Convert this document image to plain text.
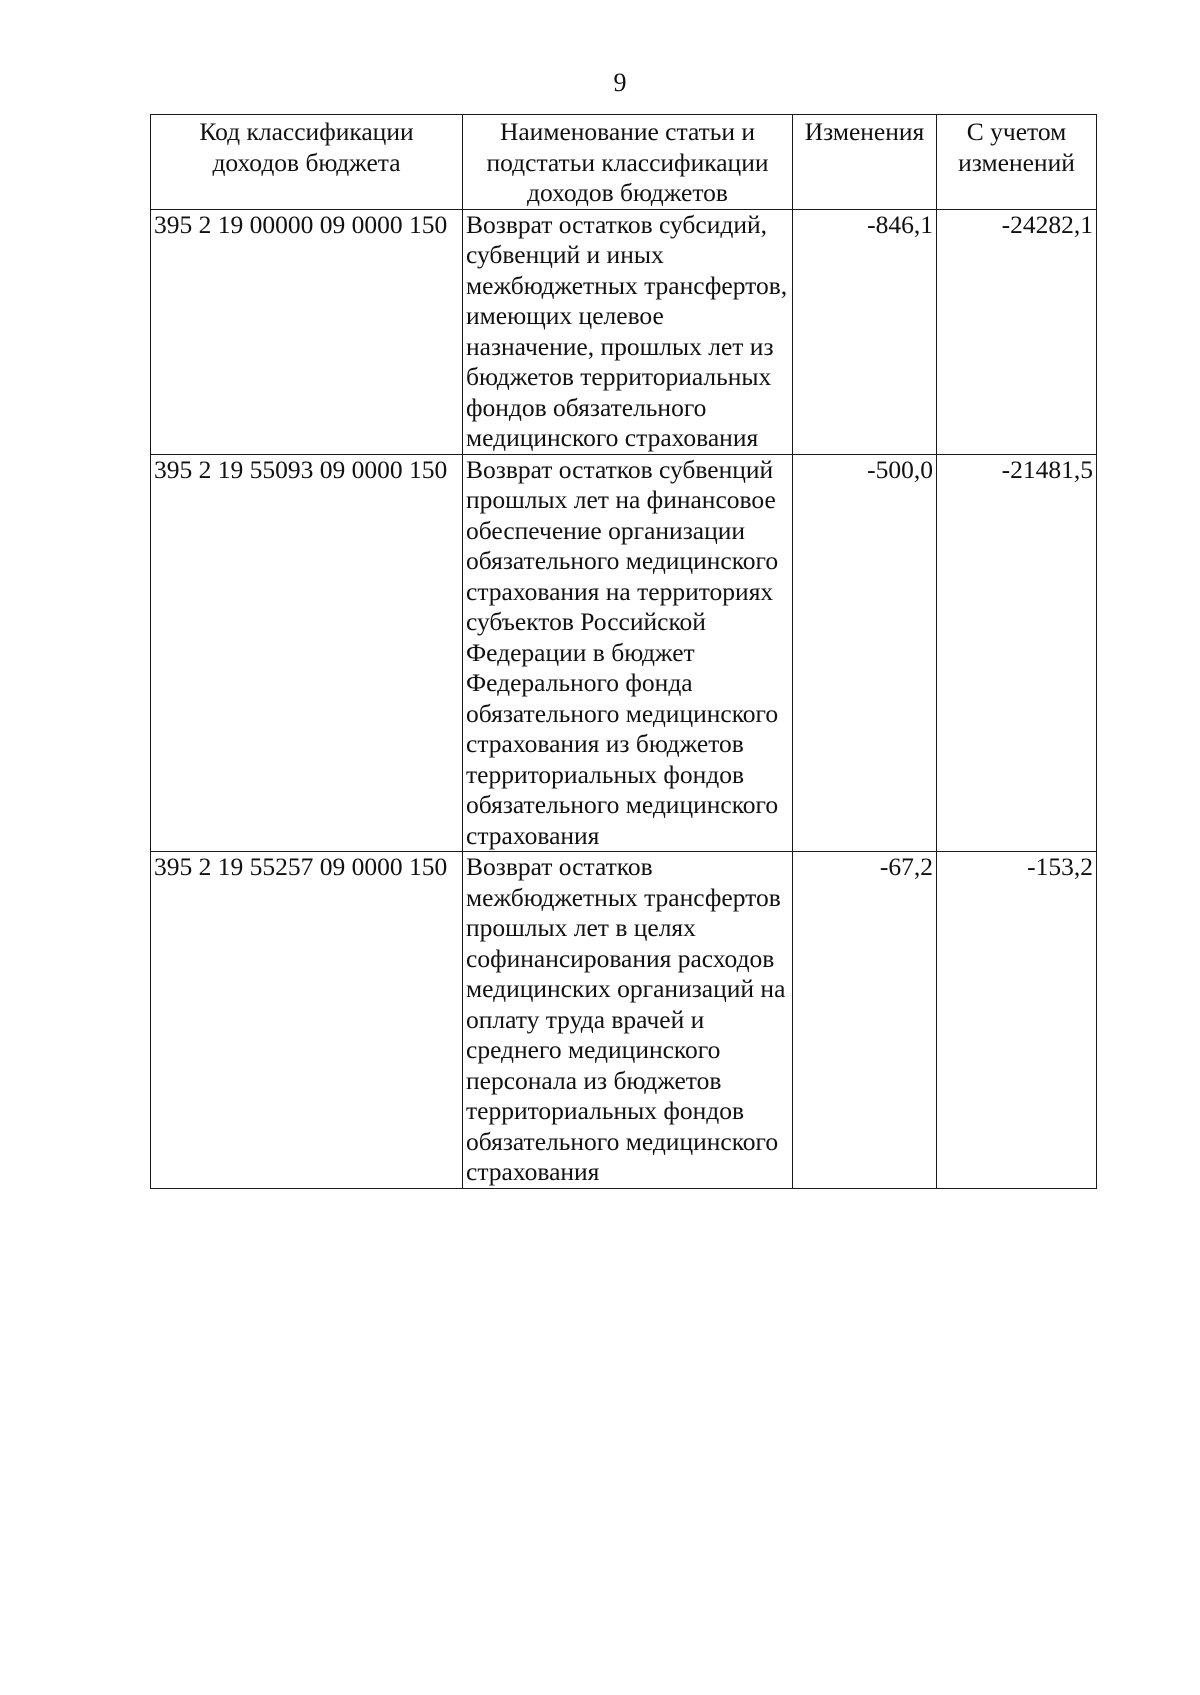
9
Код классификации доходов бюджета	Наименование статьи и подстатьи классификации доходов бюджетов	Изменения	С учетом изменений
395 2 19 00000 09 0000 150	Возврат остатков субсидий, субвенций и иных межбюджетных трансфертов, имеющих целевое назначение, прошлых лет из бюджетов территориальных фондов обязательного медицинского страхования	-846,1	-24282,1
395 2 19 55093 09 0000 150	Возврат остатков субвенций прошлых лет на финансовое обеспечение организации обязательного медицинского страхования на территориях субъектов Российской Федерации в бюджет Федерального фонда обязательного медицинского страхования из бюджетов территориальных фондов обязательного медицинского страхования	-500,0	-21481,5
395 2 19 55257 09 0000 150	Возврат остатков межбюджетных трансфертов прошлых лет в целях софинансирования расходов медицинских организаций на оплату труда врачей и среднего медицинского персонала из бюджетов территориальных фондов обязательного медицинского страхования	-67,2	-153,2
